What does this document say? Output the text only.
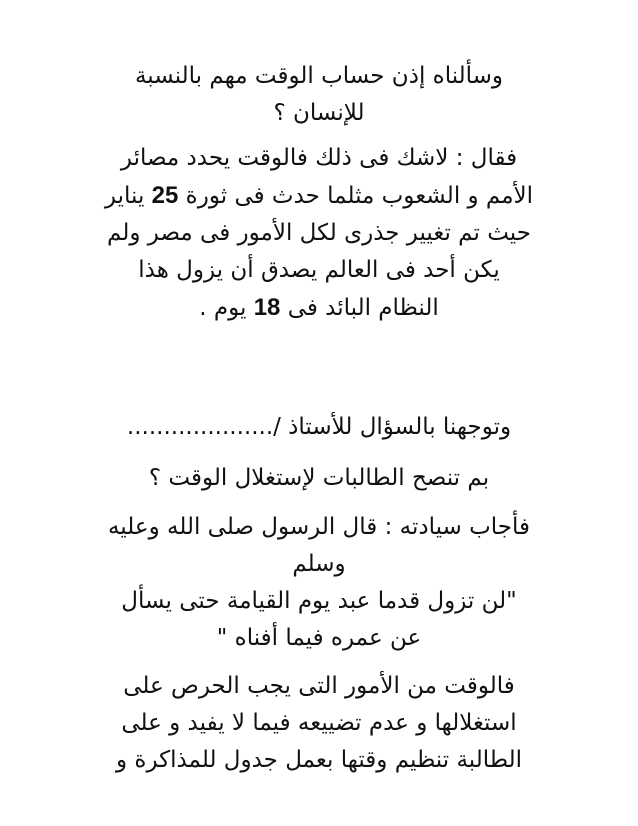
وسألناه إذن حساب الوقت مهم بالنسبة
للإنسان ؟

فقال : لاشك فى ذلك فالوقت يحدد مصائر
الأمم و الشعوب مثلما حدث فى ثورة 25 يناير
حيث تم تغيير جذرى لكل الأمور فى مصر ولم
يكن أحد فى العالم يصدق أن يزول هذا
النظام البائد فى 18 يوم .

وتوجهنا بالسؤال للأستاذ /....................

بم تنصح الطالبات لإستغلال الوقت ؟

فأجاب سيادته : قال الرسول صلى الله وعليه
وسلم

"لن تزول قدما عبد يوم القيامة حتى يسأل
عن عمره فيما أفناه "

فالوقت من الأمور التى يجب الحرص على
استغلالها و عدم تضييعه فيما لا يفيد و على
الطالبة تنظيم وقتها بعمل جدول للمذاكرة و
